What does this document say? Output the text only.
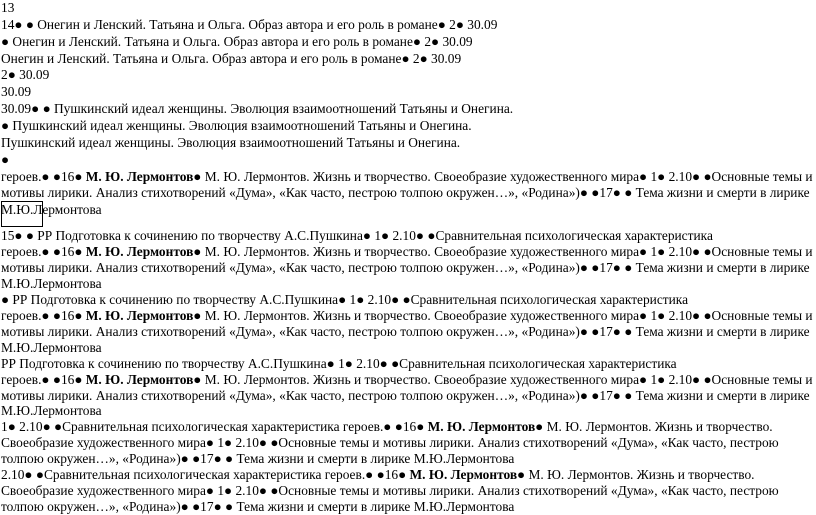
13
14● ● Онегин и Ленский. Татьяна и Ольга. Образ автора и его роль в романе● 2● 30.09
● Онегин и Ленский. Татьяна и Ольга. Образ автора и его роль в романе● 2● 30.09
Онегин и Ленский. Татьяна и Ольга. Образ автора и его роль в романе● 2● 30.09
2● 30.09
30.09
30.09● ● Пушкинский идеал женщины. Эволюция взаимоотношений Татьяны и Онегина.
● Пушкинский идеал женщины. Эволюция взаимоотношений Татьяны и Онегина.
Пушкинский идеал женщины. Эволюция взаимоотношений Татьяны и Онегина.
●
героев.● ●16● М. Ю. Лермонтов● М. Ю. Лермонтов. Жизнь и творчество. Своеобразие художественного мира● 1● 2.10● ●Основные темы и
мотивы лирики. Анализ стихотворений «Дума», «Как часто, пестрою толпою окружен…», «Родина»)● ●17● ● Тема жизни и смерти в лирике
М.Ю.Лермонтова
15● ● РР Подготовка к сочинению по творчеству А.С.Пушкина● 1● 2.10● ●Сравнительная психологическая характеристика
героев.● ●16● М. Ю. Лермонтов● М. Ю. Лермонтов. Жизнь и творчество. Своеобразие художественного мира● 1● 2.10● ●Основные темы и
мотивы лирики. Анализ стихотворений «Дума», «Как часто, пестрою толпою окружен…», «Родина»)● ●17● ● Тема жизни и смерти в лирике
М.Ю.Лермонтова
● РР Подготовка к сочинению по творчеству А.С.Пушкина● 1● 2.10● ●Сравнительная психологическая характеристика
героев.● ●16● М. Ю. Лермонтов● М. Ю. Лермонтов. Жизнь и творчество. Своеобразие художественного мира● 1● 2.10● ●Основные темы и
мотивы лирики. Анализ стихотворений «Дума», «Как часто, пестрою толпою окружен…», «Родина»)● ●17● ● Тема жизни и смерти в лирике
М.Ю.Лермонтова
РР Подготовка к сочинению по творчеству А.С.Пушкина● 1● 2.10● ●Сравнительная психологическая характеристика
героев.● ●16● М. Ю. Лермонтов● М. Ю. Лермонтов. Жизнь и творчество. Своеобразие художественного мира● 1● 2.10● ●Основные темы и
мотивы лирики. Анализ стихотворений «Дума», «Как часто, пестрою толпою окружен…», «Родина»)● ●17● ● Тема жизни и смерти в лирике
М.Ю.Лермонтова
1● 2.10● ●Сравнительная психологическая характеристика героев.● ●16● М. Ю. Лермонтов● М. Ю. Лермонтов. Жизнь и творчество.
Своеобразие художественного мира● 1● 2.10● ●Основные темы и мотивы лирики. Анализ стихотворений «Дума», «Как часто, пестрою
толпою окружен…», «Родина»)● ●17● ● Тема жизни и смерти в лирике М.Ю.Лермонтова
2.10● ●Сравнительная психологическая характеристика героев.● ●16● М. Ю. Лермонтов● М. Ю. Лермонтов. Жизнь и творчество.
Своеобразие художественного мира● 1● 2.10● ●Основные темы и мотивы лирики. Анализ стихотворений «Дума», «Как часто, пестрою
толпою окружен…», «Родина»)● ●17● ● Тема жизни и смерти в лирике М.Ю.Лермонтова
